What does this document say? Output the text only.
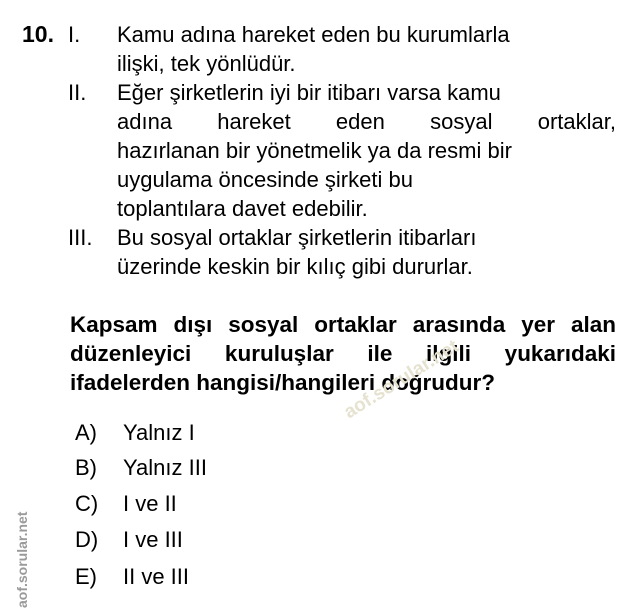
10. I. Kamu adına hareket eden bu kurumlarla
ilişki, tek yönlüdür.
II. Eğer şirketlerin iyi bir itibarı varsa kamu
adına hareket eden sosyal ortaklar,
hazırlanan bir yönetmelik ya da resmi bir
uygulama öncesinde şirketi bu
toplantılara davet edebilir.
III. Bu sosyal ortaklar şirketlerin itibarları
üzerinde keskin bir kılıç gibi dururlar.
Kapsam dışı sosyal ortaklar arasında yer alan
düzenleyici kuruluşlar ile ilgili yukarıdaki
ifadelerden hangisi/hangileri doğrudur?
aof.sorular.net
A) Yalnız I
B) Yalnız III
C) I ve II
D) I ve III
E) II ve III
aof.sorular.net
